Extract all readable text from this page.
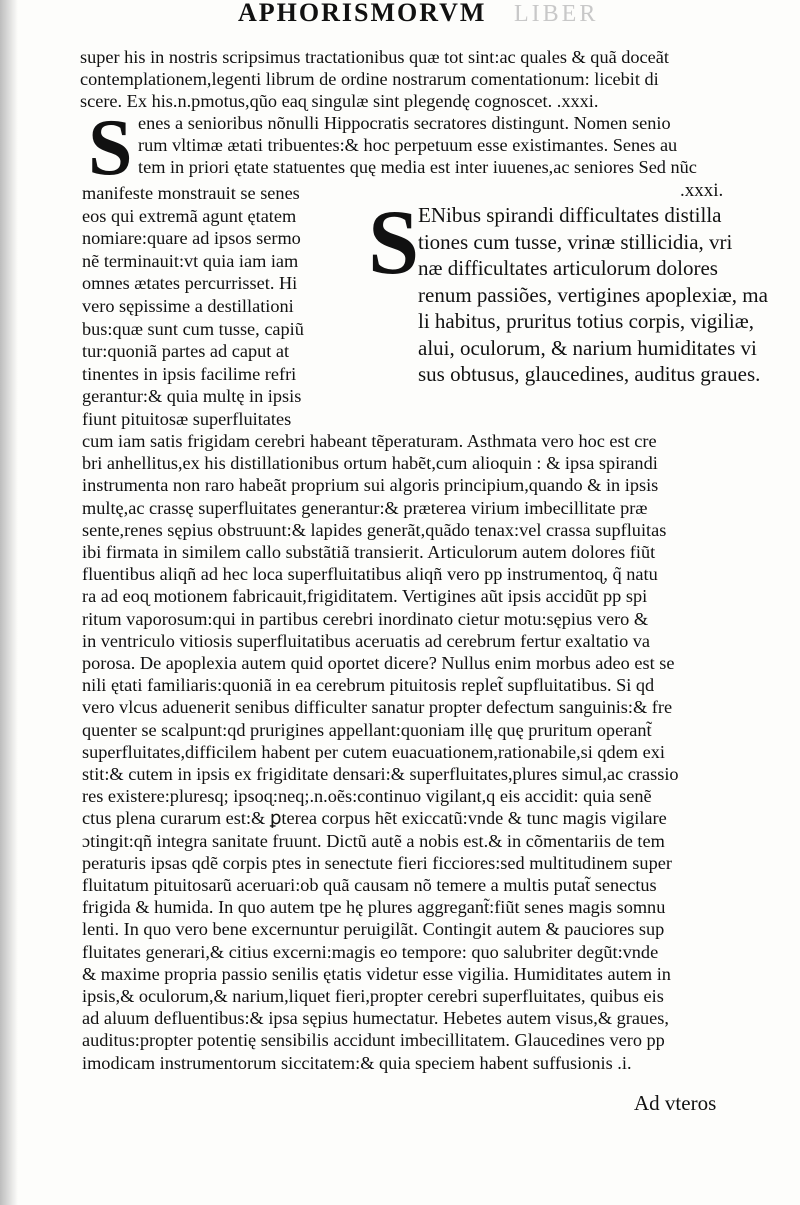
APHORISMORVM LIBER
super his in nostris scripsimus tractationibus quæ tot sint:ac quales & quã doceãt
contemplationem,legenti librum de ordine nostrarum comentationum: licebit di
scere. Ex his.n.pmotus,qũo eaɋ singulæ sint plegendę cognoscet. .xxxi.
S enes a senioribus nõnulli Hippocratis secratores distingunt. Nomen senio
rum vltimæ ætati tribuentes:& hoc perpetuum esse existimantes. Senes au
tem in priori ętate statuentes quę media est inter iuuenes,ac seniores Sed nũc
manifeste monstrauit se senes
eos qui extremã agunt ętatem
nomiare:quare ad ipsos sermo
nẽ terminauit:vt quia iam iam
omnes ætates percurrisset. Hi
vero sępissime a destillationi
bus:quæ sunt cum tusse, capiũ
tur:quoniã partes ad caput at
tinentes in ipsis facilime refri
gerantur:& quia multę in ipsis
fiunt pituitosæ superfluitates
.xxxi.
S
ENibus spirandi difficultates distilla
tiones cum tusse, vrinæ stillicidia, vri
næ difficultates articulorum dolores
renum passiões, vertigines apoplexiæ, ma
li habitus, pruritus totius corpis, vigiliæ,
alui, oculorum, & narium humiditates vi
sus obtusus, glaucedines, auditus graues.
cum iam satis frigidam cerebri habeant tẽperaturam. Asthmata vero hoc est cre
bri anhellitus,ex his distillationibus ortum habẽt,cum alioquin : & ipsa spirandi
instrumenta non raro habeãt proprium sui algoris principium,quando & in ipsis
multę,ac crassę superfluitates generantur:& præterea virium imbecillitate præ
sente,renes sępius obstruunt:& lapides generãt,quãdo tenax:vel crassa supfluitas
ibi firmata in similem callo substãtiã transierit. Articulorum autem dolores fiũt
fluentibus aliqñ ad hec loca superfluitatibus aliqñ vero pp instrumentoɋ, q̃ natu
ra ad eoɋ motionem fabricauit,frigiditatem. Vertigines aũt ipsis accidũt pp spi
ritum vaporosum:qui in partibus cerebri inordinato cietur motu:sępius vero &
in ventriculo vitiosis superfluitatibus aceruatis ad cerebrum fertur exaltatio va
porosa. De apoplexia autem quid oportet dicere? Nullus enim morbus adeo est se
nili ętati familiaris:quoniã in ea cerebrum pituitosis replet̃ supfluitatibus. Si qd
vero vlcus aduenerit senibus difficulter sanatur propter defectum sanguinis:& fre
quenter se scalpunt:qd prurigines appellant:quoniam illę quę pruritum operant̃
superfluitates,difficilem habent per cutem euacuationem,rationabile,si qdem exi
stit:& cutem in ipsis ex frigiditate densari:& superfluitates,plures simul,ac crassio
res existere:pluresq; ipsoɋ:neq;.n.oẽs:continuo vigilant,q eis accidit: quia senẽ
ctus plena curarum est:& ꝑterea corpus hẽt exiccatũ:vnde & tunc magis vigilare
ɔtingit:qñ integra sanitate fruunt. Dictũ autẽ a nobis est.& in cõmentariis de tem
peraturis ipsas qdẽ corpis ptes in senectute fieri ficciores:sed multitudinem super
fluitatum pituitosarũ aceruari:ob quã causam nõ temere a multis putat̃ senectus
frigida & humida. In quo autem tpe hę plures aggregant̃:fiũt senes magis somnu
lenti. In quo vero bene excernuntur peruigilãt. Contingit autem & pauciores sup
fluitates generari,& citius excerni:magis eo tempore: quo salubriter degũt:vnde
& maxime propria passio senilis ętatis videtur esse vigilia. Humiditates autem in
ipsis,& oculorum,& narium,liquet fieri,propter cerebri superfluitates, quibus eis
ad aluum defluentibus:& ipsa sępius humectatur. Hebetes autem visus,& graues,
auditus:propter potentię sensibilis accidunt imbecillitatem. Glaucedines vero pp
imodicam instrumentorum siccitatem:& quia speciem habent suffusionis .i.
Ad vteros
